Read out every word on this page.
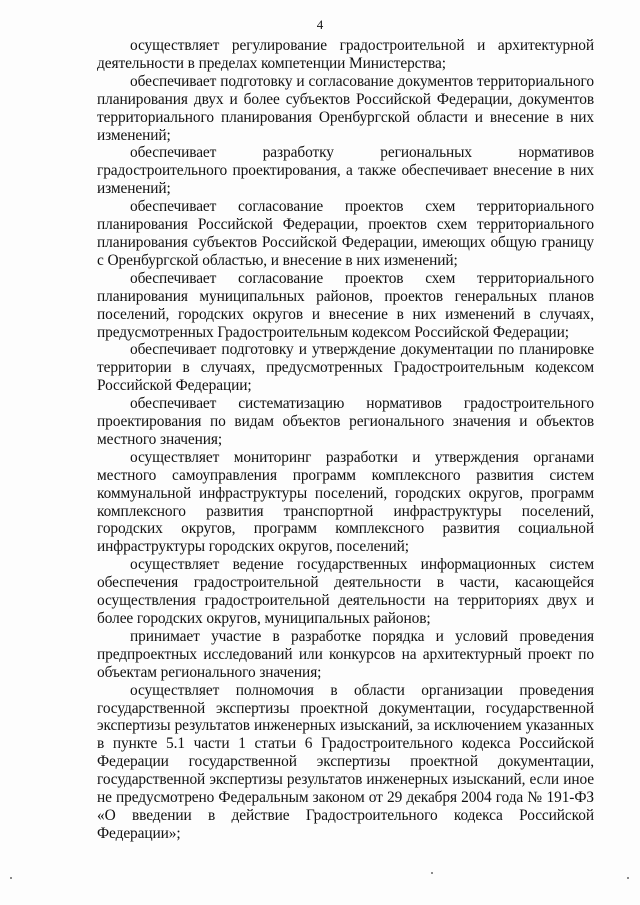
4

осуществляет регулирование градостроительной и архитектурной деятельности в пределах компетенции Министерства;

обеспечивает подготовку и согласование документов территориального планирования двух и более субъектов Российской Федерации, документов территориального планирования Оренбургской области и внесение в них изменений;

обеспечивает разработку региональных нормативов градостроительного проектирования, а также обеспечивает внесение в них изменений;

обеспечивает согласование проектов схем территориального планирования Российской Федерации, проектов схем территориального планирования субъектов Российской Федерации, имеющих общую границу с Оренбургской областью, и внесение в них изменений;

обеспечивает согласование проектов схем территориального планирования муниципальных районов, проектов генеральных планов поселений, городских округов и внесение в них изменений в случаях, предусмотренных Градостроительным кодексом Российской Федерации;

обеспечивает подготовку и утверждение документации по планировке территории в случаях, предусмотренных Градостроительным кодексом Российской Федерации;

обеспечивает систематизацию нормативов градостроительного проектирования по видам объектов регионального значения и объектов местного значения;

осуществляет мониторинг разработки и утверждения органами местного самоуправления программ комплексного развития систем коммунальной инфраструктуры поселений, городских округов, программ комплексного развития транспортной инфраструктуры поселений, городских округов, программ комплексного развития социальной инфраструктуры городских округов, поселений;

осуществляет ведение государственных информационных систем обеспечения градостроительной деятельности в части, касающейся осуществления градостроительной деятельности на территориях двух и более городских округов, муниципальных районов;

принимает участие в разработке порядка и условий проведения предпроектных исследований или конкурсов на архитектурный проект по объектам регионального значения;

осуществляет полномочия в области организации проведения государственной экспертизы проектной документации, государственной экспертизы результатов инженерных изысканий, за исключением указанных в пункте 5.1 части 1 статьи 6 Градостроительного кодекса Российской Федерации государственной экспертизы проектной документации, государственной экспертизы результатов инженерных изысканий, если иное не предусмотрено Федеральным законом от 29 декабря 2004 года № 191-ФЗ «О введении в действие Градостроительного кодекса Российской Федерации»;
